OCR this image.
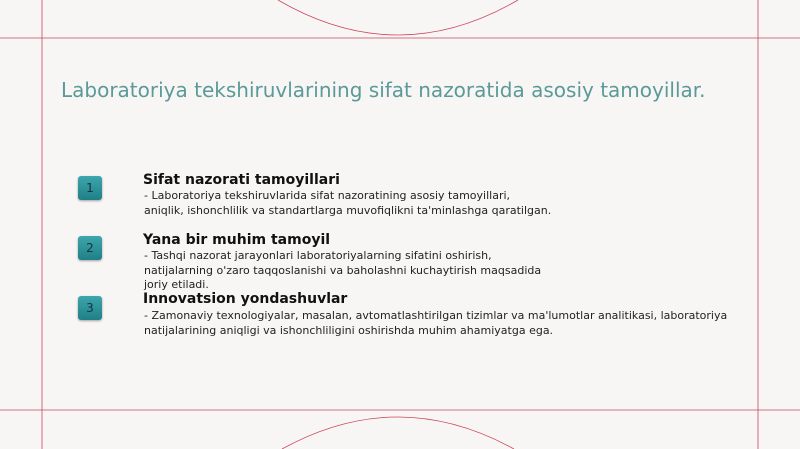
Laboratoriya tekshiruvlarining sifat nazoratida asosiy tamoyillar.
1	Sifat nazorati tamoyillari
- Laboratoriya tekshiruvlarida sifat nazoratining asosiy tamoyillari,
aniqlik, ishonchlilik va standartlarga muvofiqlikni ta'minlashga qaratilgan.
2	Yana bir muhim tamoyil
- Tashqi nazorat jarayonlari laboratoriyalarning sifatini oshirish,
natijalarning o'zaro taqqoslanishi va baholashni kuchaytirish maqsadida
joriy etiladi.
3
Innovatsion yondashuvlar
- Zamonaviy texnologiyalar, masalan, avtomatlashtirilgan tizimlar va ma'lumotlar analitikasi, laboratoriya
natijalarining aniqligi va ishonchliligini oshirishda muhim ahamiyatga ega.
